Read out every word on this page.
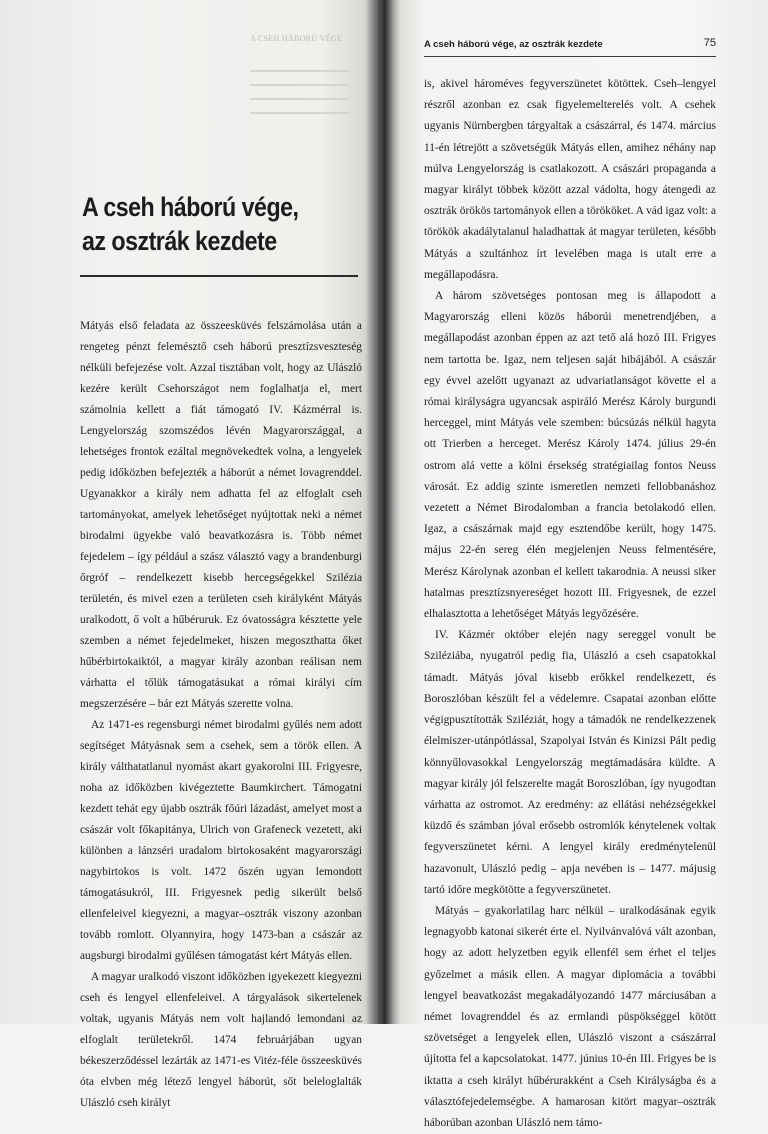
A CSEH HÁBORÚ VÉGE
A cseh háború vége,
az osztrák kezdete

Mátyás első feladata az összeesküvés felszámolása után a rengeteg pénzt felemésztő cseh háború presztízsveszteség nélküli befejezése volt. Azzal tisztában volt, hogy az Ulászló kezére került Csehországot nem foglalhatja el, mert számolnia kellett a fiát támogató IV. Kázmérral is. Lengyelország szomszédos lévén Magyarországgal, a lehetséges frontok ezáltal megnövekedtek volna, a lengyelek pedig időközben befejezték a háborút a német lovagrenddel. Ugyanakkor a király nem adhatta fel az elfoglalt cseh tartományokat, amelyek lehetőséget nyújtottak neki a német birodalmi ügyekbe való beavatkozásra is. Több német fejedelem – így például a szász választó vagy a brandenburgi őrgróf – rendelkezett kisebb hercegségekkel Szilézia területén, és mivel ezen a területen cseh királyként Mátyás uralkodott, ő volt a hűbéruruk. Ez óvatosságra késztette yele szemben a német fejedelmeket, hiszen megoszthatta őket hűbérbirtokaiktól, a magyar király azonban reálisan nem várhatta el tőlük támogatásukat a római királyi cím megszerzésére – bár ezt Mátyás szerette volna.

Az 1471-es regensburgi német birodalmi gyűlés nem adott segítséget Mátyásnak sem a csehek, sem a török ellen. A király válthatatlanul nyomást akart gyakorolni III. Frigyesre, noha az időközben kivégeztette Baumkirchert. Támogatni kezdett tehát egy újabb osztrák főúri lázadást, amelyet most a császár volt főkapitánya, Ulrich von Grafeneck vezetett, aki különben a lánzséri uradalom birtokosaként magyarországi nagybirtokos is volt. 1472 őszén ugyan lemondott támogatásukról, III. Frigyesnek pedig sikerült belső ellenfeleivel kiegyezni, a magyar–osztrák viszony azonban tovább romlott. Olyannyira, hogy 1473-ban a császár az augsburgi birodalmi gyűlésen támogatást kért Mátyás ellen.

A magyar uralkodó viszont időközben igyekezett kiegyezni cseh és lengyel ellenfeleivel. A tárgyalások sikertelenek voltak, ugyanis Mátyás nem volt hajlandó lemondani az elfoglalt területekről. 1474 februárjában ugyan békeszerződéssel lezárták az 1471-es Vitéz-féle összeesküvés óta elvben még létező lengyel háborút, sőt beleloglalták Ulászló cseh királyt

A cseh háború vége, az osztrák kezdete	75

is, akivel hároméves fegyverszünetet kötöttek. Cseh–lengyel részről azonban ez csak figyelemelterelés volt. A csehek ugyanis Nürnbergben tárgyaltak a császárral, és 1474. március 11-én létrejött a szövetségük Mátyás ellen, amihez néhány nap múlva Lengyelország is csatlakozott. A császári propaganda a magyar királyt többek között azzal vádolta, hogy átengedi az osztrák örökös tartományok ellen a törököket. A vád igaz volt: a törökök akadálytalanul haladhattak át magyar területen, később Mátyás a szultánhoz írt levelében maga is utalt erre a megállapodásra.

A három szövetséges pontosan meg is állapodott a Magyarország elleni közös háborúi menetrendjében, a megállapodást azonban éppen az azt tető alá hozó III. Frigyes nem tartotta be. Igaz, nem teljesen saját hibájából. A császár egy évvel azelőtt ugyanazt az udvariatlanságot követte el a római királyságra ugyancsak aspiráló Merész Károly burgundi herceggel, mint Mátyás vele szemben: búcsúzás nélkül hagyta ott Trierben a herceget. Merész Károly 1474. július 29-én ostrom alá vette a kölni érsekség stratégiailag fontos Neuss városát. Ez addig szinte ismeretlen nemzeti fellobbanáshoz vezetett a Német Birodalomban a francia betolakodó ellen. Igaz, a császárnak majd egy esztendőbe került, hogy 1475. május 22-én sereg élén megjelenjen Neuss felmentésére, Merész Károlynak azonban el kellett takarodnia. A neussi siker hatalmas presztízsnyereséget hozott III. Frigyesnek, de ezzel elhalasztotta a lehetőséget Mátyás legyőzésére.

IV. Kázmér október elején nagy sereggel vonult be Sziléziába, nyugatról pedig fia, Ulászló a cseh csapatokkal támadt. Mátyás jóval kisebb erőkkel rendelkezett, és Boroszlóban készült fel a védelemre. Csapatai azonban előtte végigpusztították Sziléziát, hogy a támadók ne rendelkezzenek élelmiszer-utánpótlással, Szapolyai István és Kinizsi Pált pedig könnyűlovasokkal Lengyelország megtámadására küldte. A magyar király jól felszerelte magát Boroszlóban, így nyugodtan várhatta az ostromot. Az eredmény: az ellátási nehézségekkel küzdő és számban jóval erősebb ostromlók kénytelenek voltak fegyverszünetet kérni. A lengyel király eredménytelenül hazavonult, Ulászló pedig – apja nevében is – 1477. májusig tartó időre megkötötte a fegyverszünetet.

Mátyás – gyakorlatilag harc nélkül – uralkodásának egyik legnagyobb katonai sikerét érte el. Nyilvánvalóvá vált azonban, hogy az adott helyzetben egyik ellenfél sem érhet el teljes győzelmet a másik ellen. A magyar diplomácia a további lengyel beavatkozást megakadályozandó 1477 márciusában a német lovagrenddel és az ermlandi püspökséggel kötött szövetséget a lengyelek ellen, Ulászló viszont a császárral újította fel a kapcsolatokat. 1477. június 10-én III. Frigyes be is iktatta a cseh királyt hűbérurakként a Cseh Királyságba és a választófejedelemségbe. A hamarosan kitört magyar–osztrák háborúban azonban Ulászló nem támo-
